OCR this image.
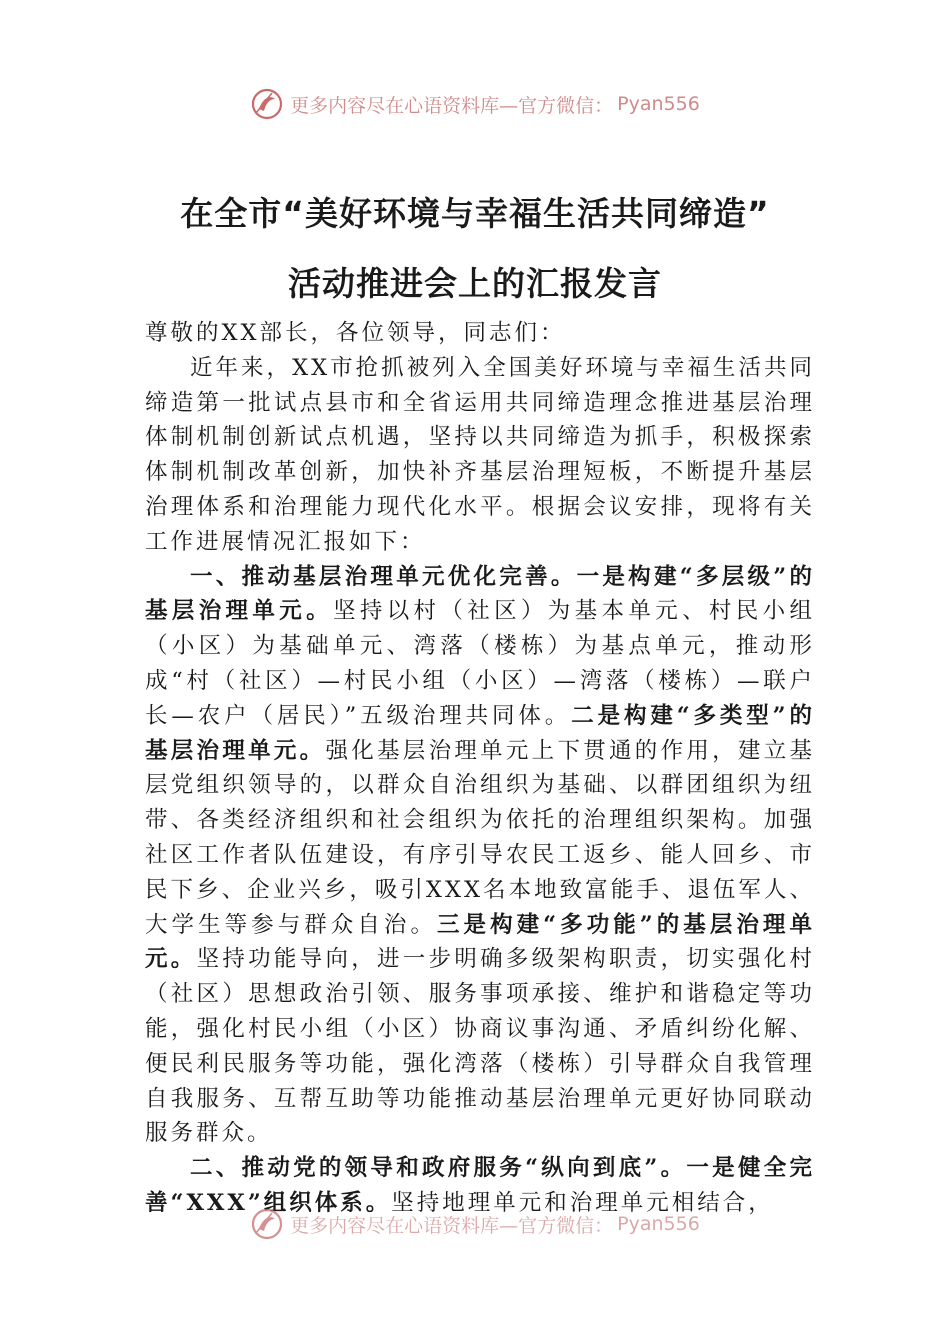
更多内容尽在心语资料库—官方微信： Pyan556
在全市“美好环境与幸福生活共同缔造”
活动推进会上的汇报发言

尊敬的XX部长，各位领导，同志们：

近年来，XX市抢抓被列入全国美好环境与幸福生活共同缔造第一批试点县市和全省运用共同缔造理念推进基层治理体制机制创新试点机遇，坚持以共同缔造为抓手，积极探索体制机制改革创新，加快补齐基层治理短板，不断提升基层治理体系和治理能力现代化水平。根据会议安排，现将有关工作进展情况汇报如下：

一、推动基层治理单元优化完善。一是构建“多层级”的基层治理单元。坚持以村（社区）为基本单元、村民小组（小区）为基础单元、湾落（楼栋）为基点单元，推动形成“村（社区）—村民小组（小区）—湾落（楼栋）—联户长—农户（居民）”五级治理共同体。二是构建“多类型”的基层治理单元。强化基层治理单元上下贯通的作用，建立基层党组织领导的，以群众自治组织为基础、以群团组织为纽带、各类经济组织和社会组织为依托的治理组织架构。加强社区工作者队伍建设，有序引导农民工返乡、能人回乡、市民下乡、企业兴乡，吸引XXX名本地致富能手、退伍军人、大学生等参与群众自治。三是构建“多功能”的基层治理单元。坚持功能导向，进一步明确多级架构职责，切实强化村（社区）思想政治引领、服务事项承接、维护和谐稳定等功能，强化村民小组（小区）协商议事沟通、矛盾纠纷化解、便民利民服务等功能，强化湾落（楼栋）引导群众自我管理自我服务、互帮互助等功能推动基层治理单元更好协同联动服务群众。

二、推动党的领导和政府服务“纵向到底”。一是健全完善“XXX”组织体系。坚持地理单元和治理单元相结合，

更多内容尽在心语资料库—官方微信： Pyan556
